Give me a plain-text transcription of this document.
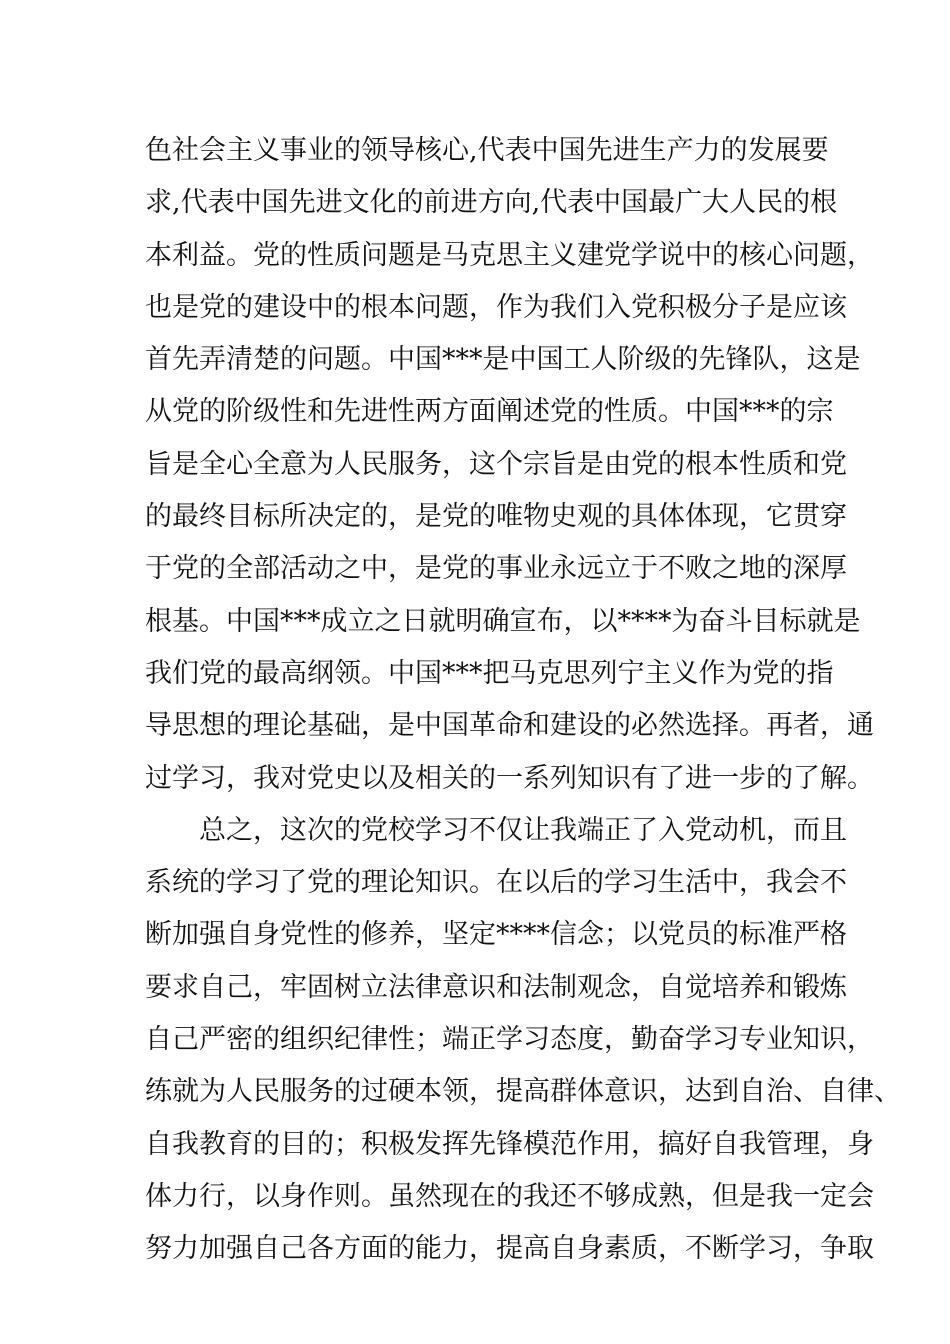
色社会主义事业的领导核心,代表中国先进生产力的发展要
求,代表中国先进文化的前进方向,代表中国最广大人民的根
本利益。党的性质问题是马克思主义建党学说中的核心问题，
也是党的建设中的根本问题，作为我们入党积极分子是应该
首先弄清楚的问题。中国***是中国工人阶级的先锋队，这是
从党的阶级性和先进性两方面阐述党的性质。中国***的宗
旨是全心全意为人民服务，这个宗旨是由党的根本性质和党
的最终目标所决定的，是党的唯物史观的具体体现，它贯穿
于党的全部活动之中，是党的事业永远立于不败之地的深厚
根基。中国***成立之日就明确宣布，以****为奋斗目标就是
我们党的最高纲领。中国***把马克思列宁主义作为党的指
导思想的理论基础，是中国革命和建设的必然选择。再者，通
过学习，我对党史以及相关的一系列知识有了进一步的了解。
总之，这次的党校学习不仅让我端正了入党动机，而且
系统的学习了党的理论知识。在以后的学习生活中，我会不
断加强自身党性的修养，坚定****信念；以党员的标准严格
要求自己，牢固树立法律意识和法制观念，自觉培养和锻炼
自己严密的组织纪律性；端正学习态度，勤奋学习专业知识，
练就为人民服务的过硬本领，提高群体意识，达到自治、自律、
自我教育的目的；积极发挥先锋模范作用，搞好自我管理，身
体力行，以身作则。虽然现在的我还不够成熟，但是我一定会
努力加强自己各方面的能力，提高自身素质，不断学习，争取
